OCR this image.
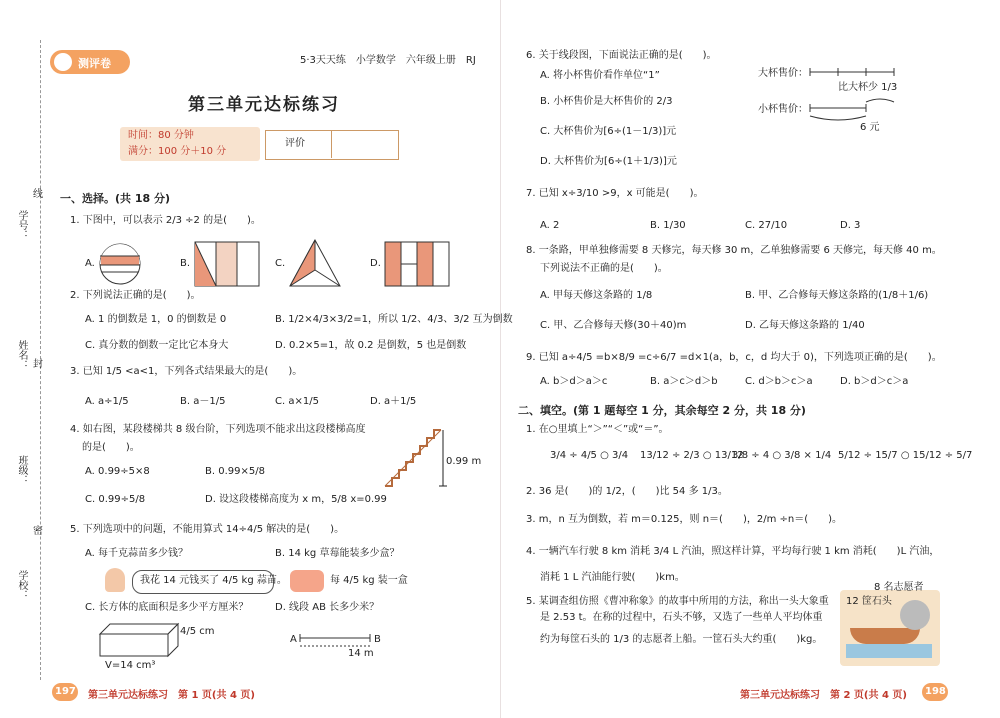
学号：
线
姓名： 封
班级：
密
学校：
测评卷	5·3天天练　小学数学　六年级上册　RJ
第三单元达标练习
时间：80 分钟
满分：100 分＋10 分
评价
一、选择。(共 18 分)
1. 下图中，可以表示 2/3 ÷2 的是(　　)。
A.	B.	C.	D.
2. 下列说法正确的是(　　)。
A. 1 的倒数是 1，0 的倒数是 0	B. 1/2×4/3×3/2=1，所以 1/2、4/3、3/2 互为倒数
C. 真分数的倒数一定比它本身大	D. 0.2×5=1，故 0.2 是倒数，5 也是倒数
3. 已知 1/5 <a<1，下列各式结果最大的是(　　)。
A. a÷1/5	B. a－1/5	C. a×1/5	D. a＋1/5
4. 如右图，某段楼梯共 8 级台阶，下列选项不能求出这段楼梯高度
的是(　　)。
A. 0.99÷5×8	B. 0.99×5/8
C. 0.99÷5/8	D. 设这段楼梯高度为 x m，5/8 x=0.99
0.99 m
5. 下列选项中的问题，不能用算式 14÷4/5 解决的是(　　)。
A. 每千克蒜苗多少钱？	B. 14 kg 草莓能装多少盒？
我花 14 元钱买了 4/5 kg 蒜苗。	每 4/5 kg 装一盒
C. 长方体的底面积是多少平方厘米？	D. 线段 AB 长多少米？
4/5 cm
V=14 cm³
A	B
14 m
197 第三单元达标练习　第 1 页(共 4 页)
6. 关于线段图，下面说法正确的是(　　)。
A. 将小杯售价看作单位“1”
B. 小杯售价是大杯售价的 2/3
C. 大杯售价为[6÷(1－1/3)]元
D. 大杯售价为[6÷(1＋1/3)]元
大杯售价：
小杯售价：
比大杯少 1/3
6 元
7. 已知 x÷3/10 >9，x 可能是(　　)。
A. 2	B. 1/30	C. 27/10	D. 3
8. 一条路，甲单独修需要 8 天修完，每天修 30 m，乙单独修需要 6 天修完，每天修 40 m。
下列说法不正确的是(　　)。
A. 甲每天修这条路的 1/8	B. 甲、乙合修每天修这条路的(1/8＋1/6)
C. 甲、乙合修每天修(30＋40)m	D. 乙每天修这条路的 1/40
9. 已知 a÷4/5 =b×8/9 =c÷6/7 =d×1(a，b，c，d 均大于 0)，下列选项正确的是(　　)。
A. b＞d＞a＞c	B. a＞c＞d＞b	C. d＞b＞c＞a	D. b＞d＞c＞a
二、填空。(第 1 题每空 1 分，其余每空 2 分，共 18 分)
1. 在○里填上“＞”“＜”或“＝”。
3/4 ÷ 4/5 ○ 3/4 13/12 ÷ 2/3 ○ 13/12
3/8 ÷ 4 ○ 3/8 × 1/4 5/12 ÷ 15/7 ○ 15/12 ÷ 5/7
2. 36 是(　　)的 1/2，(　　)比 54 多 1/3。
3. m，n 互为倒数，若 m＝0.125，则 n＝(　　)，2/m ÷n＝(　　)。
4. 一辆汽车行驶 8 km 消耗 3/4 L 汽油，照这样计算，平均每行驶 1 km 消耗(　　)L 汽油，
消耗 1 L 汽油能行驶(　　)km。
5. 某调查组仿照《曹冲称象》的故事中所用的方法，称出一头大象重
是 2.53 t。在称的过程中，石头不够，又选了一些单人平均体重
约为每筐石头的 1/3 的志愿者上船。一筐石头大约重(　　)kg。
8 名志愿者
12 筐石头
第三单元达标练习　第 2 页(共 4 页) 198
